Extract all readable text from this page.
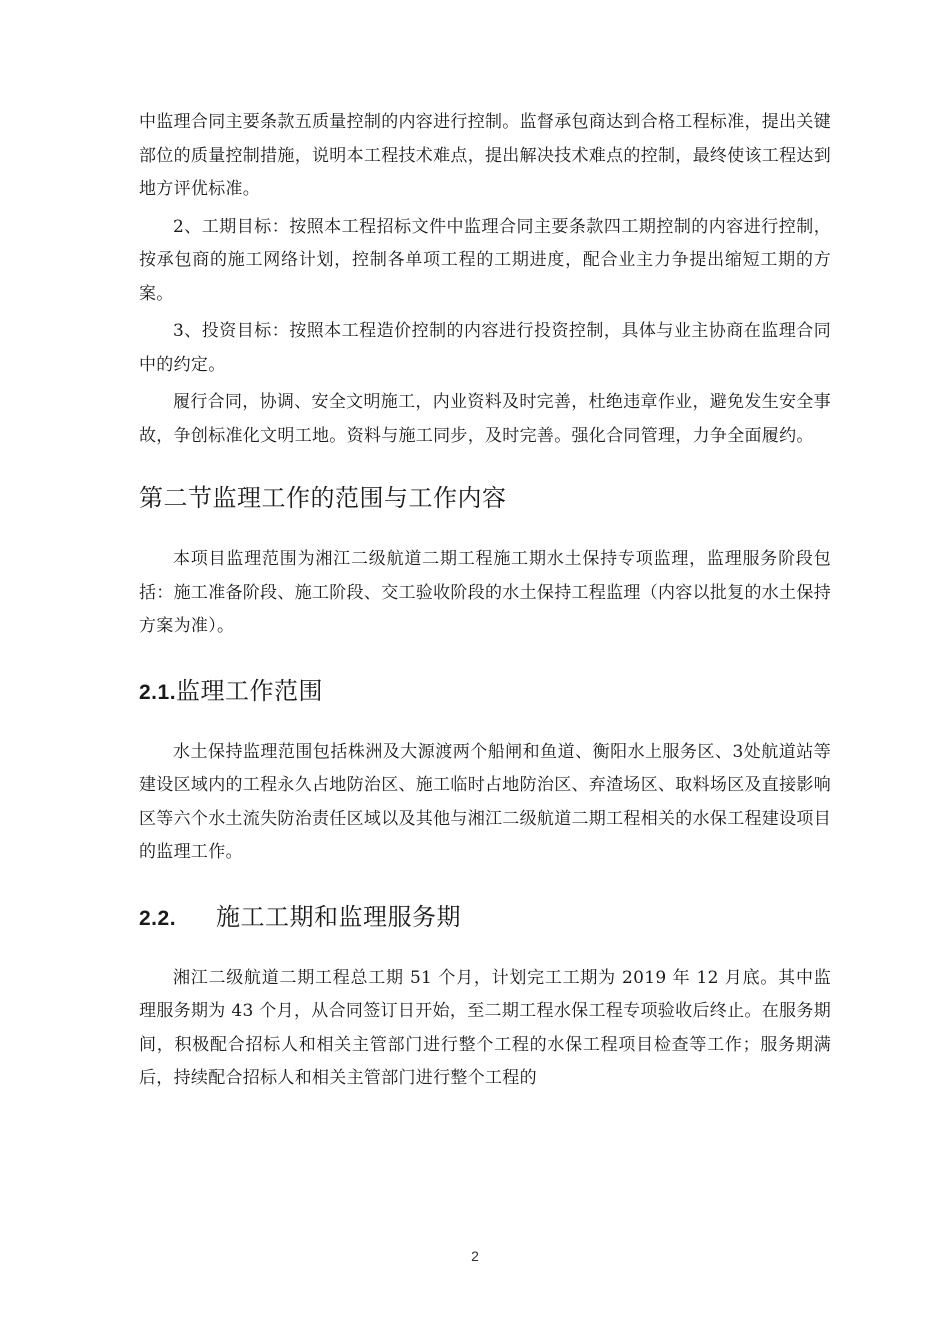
中监理合同主要条款五质量控制的内容进行控制。监督承包商达到合格工程标准，提出关键部位的质量控制措施，说明本工程技术难点，提出解决技术难点的控制，最终使该工程达到地方评优标准。

2、工期目标：按照本工程招标文件中监理合同主要条款四工期控制的内容进行控制，按承包商的施工网络计划，控制各单项工程的工期进度，配合业主力争提出缩短工期的方案。

3、投资目标：按照本工程造价控制的内容进行投资控制，具体与业主协商在监理合同中的约定。

履行合同，协调、安全文明施工，内业资料及时完善，杜绝违章作业，避免发生安全事故，争创标准化文明工地。资料与施工同步，及时完善。强化合同管理，力争全面履约。

第二节监理工作的范围与工作内容

本项目监理范围为湘江二级航道二期工程施工期水土保持专项监理，监理服务阶段包括：施工准备阶段、施工阶段、交工验收阶段的水土保持工程监理（内容以批复的水土保持方案为准）。

2.1.监理工作范围

水土保持监理范围包括株洲及大源渡两个船闸和鱼道、衡阳水上服务区、3处航道站等建设区域内的工程永久占地防治区、施工临时占地防治区、弃渣场区、取料场区及直接影响区等六个水土流失防治责任区域以及其他与湘江二级航道二期工程相关的水保工程建设项目的监理工作。

2.2. 施工工期和监理服务期

湘江二级航道二期工程总工期 51 个月，计划完工工期为 2019 年 12 月底。其中监理服务期为 43 个月，从合同签订日开始，至二期工程水保工程专项验收后终止。在服务期间，积极配合招标人和相关主管部门进行整个工程的水保工程项目检查等工作；服务期满后，持续配合招标人和相关主管部门进行整个工程的

2
